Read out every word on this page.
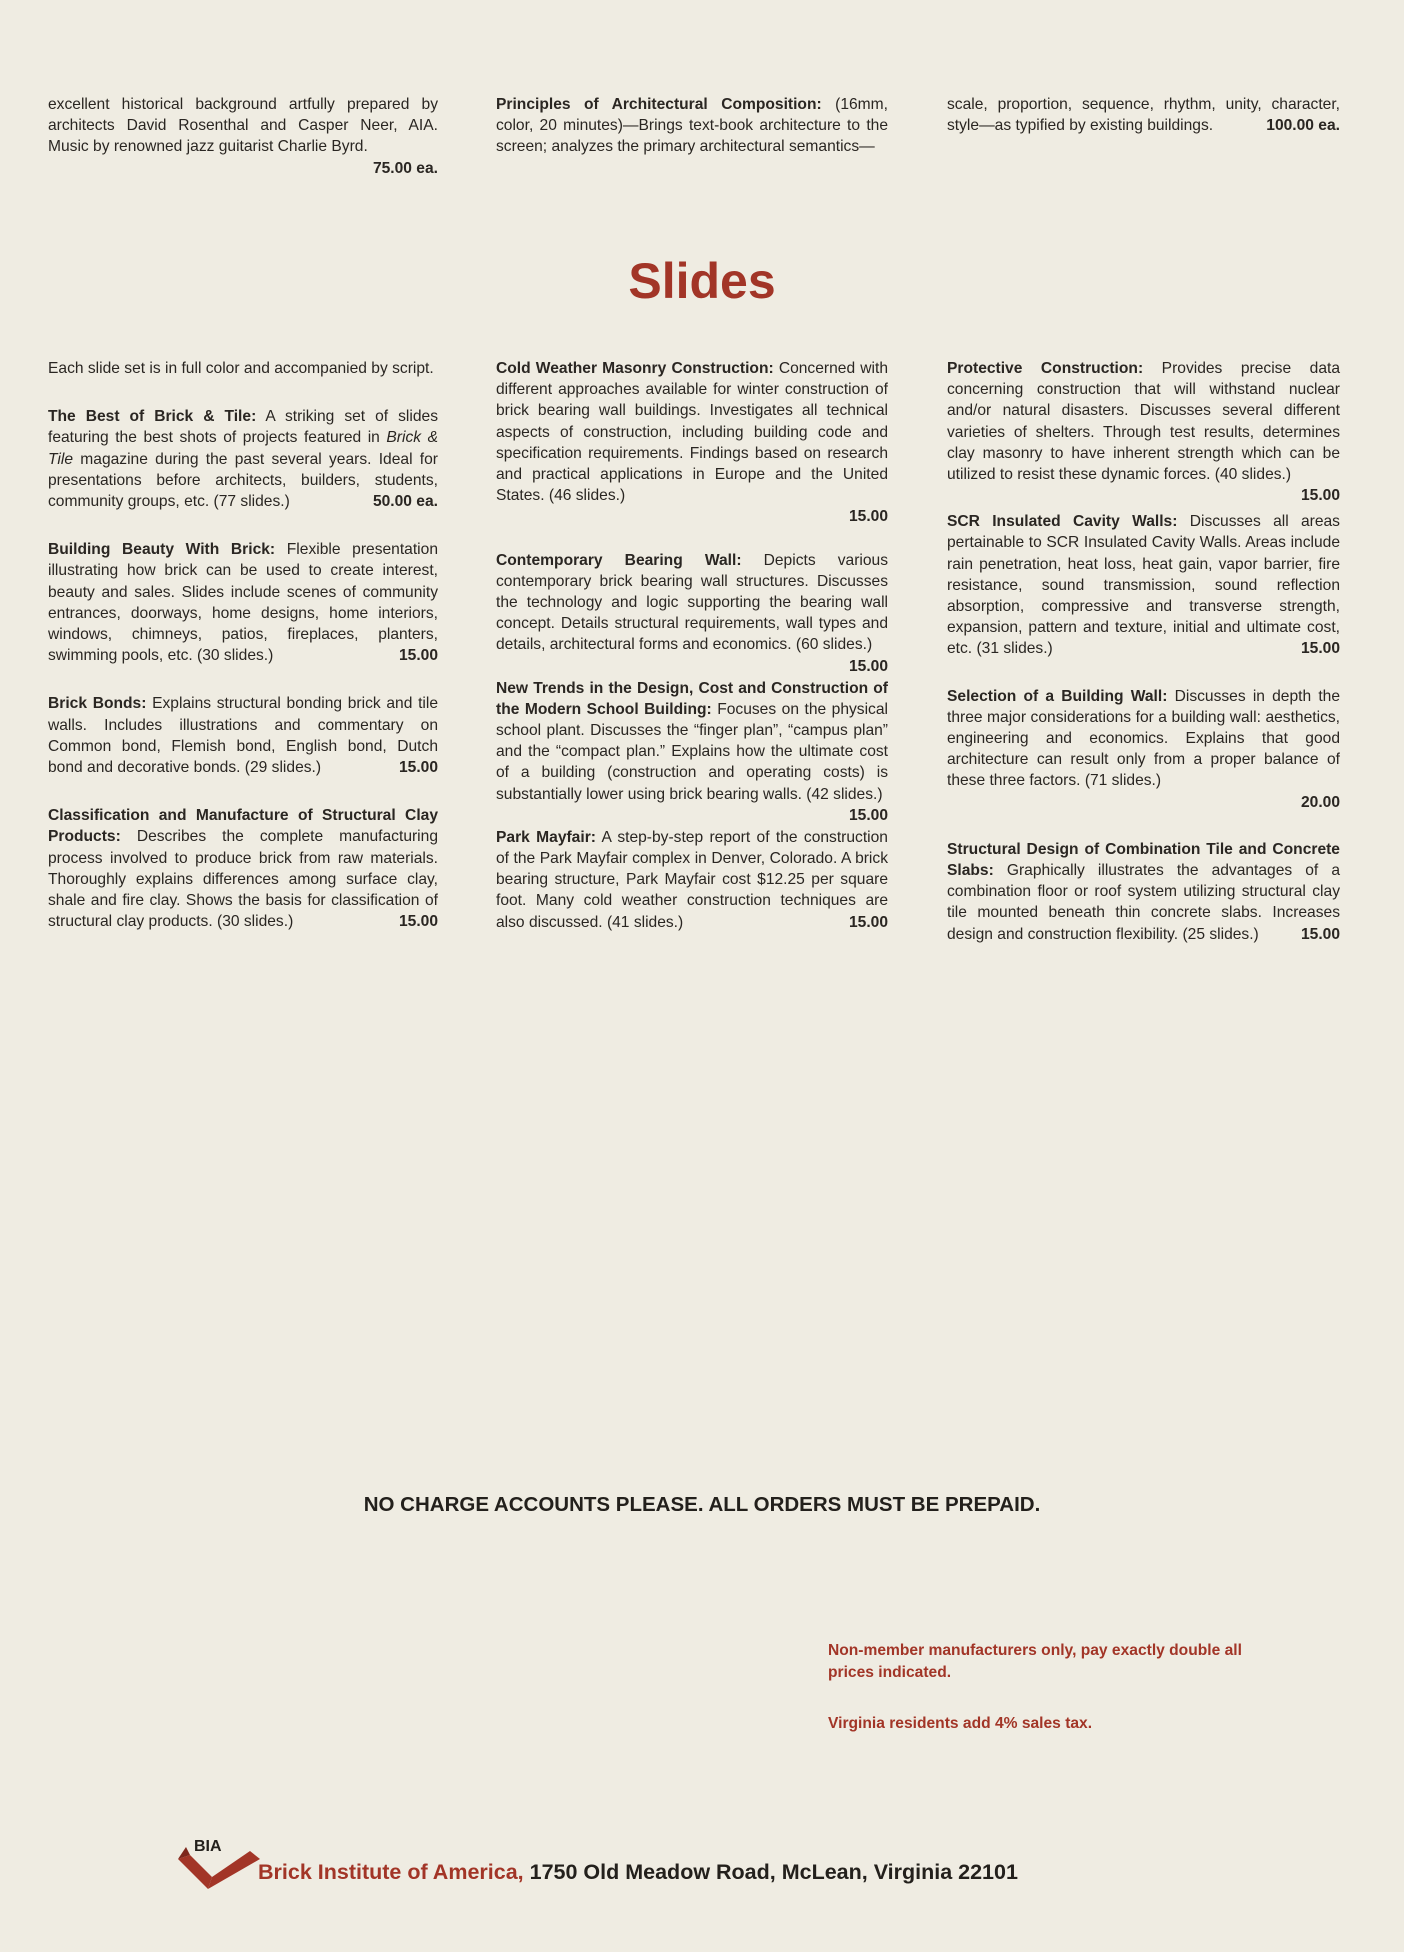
excellent historical background artfully prepared by architects David Rosenthal and Casper Neer, AIA. Music by renowned jazz guitarist Charlie Byrd.
75.00 ea.

Principles of Architectural Composition: (16mm, color, 20 minutes)—Brings text-book architecture to the screen; analyzes the primary architectural semantics—

scale, proportion, sequence, rhythm, unity, character, style—as typified by existing buildings.	100.00 ea.

Slides

Each slide set is in full color and accompanied by script.

The Best of Brick & Tile: A striking set of slides featuring the best shots of projects featured in Brick & Tile magazine during the past several years. Ideal for presentations before architects, builders, students, community groups, etc. (77 slides.)	50.00 ea.

Building Beauty With Brick: Flexible presentation illustrating how brick can be used to create interest, beauty and sales. Slides include scenes of community entrances, doorways, home designs, home interiors, windows, chimneys, patios, fireplaces, planters, swimming pools, etc. (30 slides.)	15.00

Brick Bonds: Explains structural bonding brick and tile walls. Includes illustrations and commentary on Common bond, Flemish bond, English bond, Dutch bond and decorative bonds. (29 slides.)	15.00

Classification and Manufacture of Structural Clay Products: Describes the complete manufacturing process involved to produce brick from raw materials. Thoroughly explains differences among surface clay, shale and fire clay. Shows the basis for classification of structural clay products. (30 slides.)	15.00

Cold Weather Masonry Construction: Concerned with different approaches available for winter construction of brick bearing wall buildings. Investigates all technical aspects of construction, including building code and specification requirements. Findings based on research and practical applications in Europe and the United States. (46 slides.)
15.00

Contemporary Bearing Wall: Depicts various contemporary brick bearing wall structures. Discusses the technology and logic supporting the bearing wall concept. Details structural requirements, wall types and details, architectural forms and economics. (60 slides.)
15.00

New Trends in the Design, Cost and Construction of the Modern School Building: Focuses on the physical school plant. Discusses the “finger plan”, “campus plan” and the “compact plan.” Explains how the ultimate cost of a building (construction and operating costs) is substantially lower using brick bearing walls. (42 slides.)
15.00

Park Mayfair: A step-by-step report of the construction of the Park Mayfair complex in Denver, Colorado. A brick bearing structure, Park Mayfair cost $12.25 per square foot. Many cold weather construction techniques are also discussed. (41 slides.)	15.00

Protective Construction: Provides precise data concerning construction that will withstand nuclear and/or natural disasters. Discusses several different varieties of shelters. Through test results, determines clay masonry to have inherent strength which can be utilized to resist these dynamic forces. (40 slides.)
15.00

SCR Insulated Cavity Walls: Discusses all areas pertainable to SCR Insulated Cavity Walls. Areas include rain penetration, heat loss, heat gain, vapor barrier, fire resistance, sound transmission, sound reflection absorption, compressive and transverse strength, expansion, pattern and texture, initial and ultimate cost, etc. (31 slides.)	15.00

Selection of a Building Wall: Discusses in depth the three major considerations for a building wall: aesthetics, engineering and economics. Explains that good architecture can result only from a proper balance of these three factors. (71 slides.)
20.00

Structural Design of Combination Tile and Concrete Slabs: Graphically illustrates the advantages of a combination floor or roof system utilizing structural clay tile mounted beneath thin concrete slabs. Increases design and construction flexibility. (25 slides.)	15.00

NO CHARGE ACCOUNTS PLEASE. ALL ORDERS MUST BE PREPAID.
Non-member manufacturers only, pay exactly double all prices indicated.
Virginia residents add 4% sales tax.
BIA
Brick Institute of America, 1750 Old Meadow Road, McLean, Virginia 22101
